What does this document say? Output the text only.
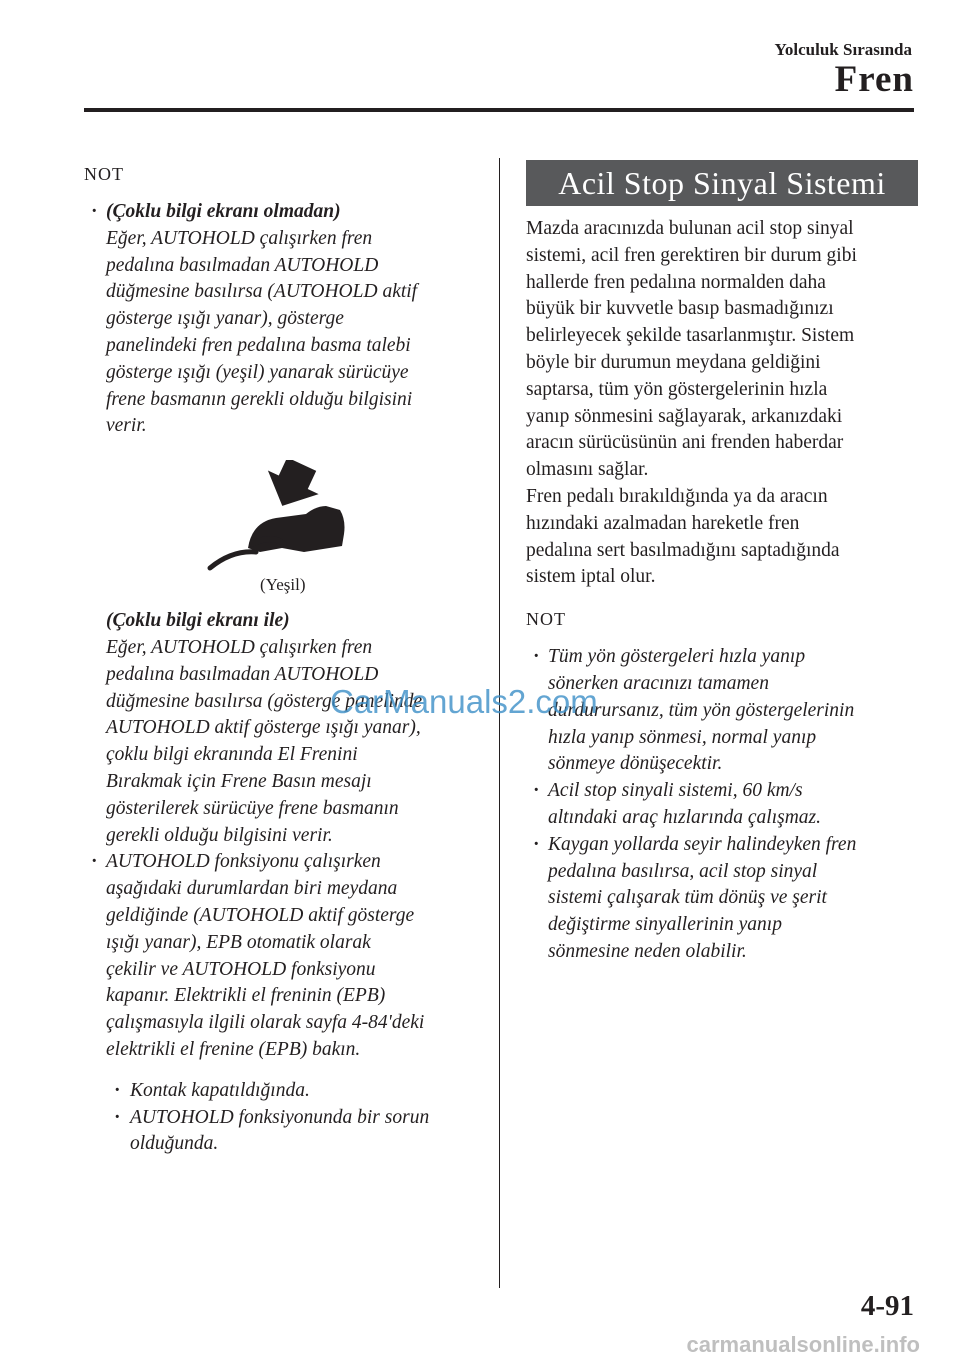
Yolculuk Sırasında
Fren
NOT

· (Çoklu bilgi ekranı olmadan)

Eğer, AUTOHOLD çalışırken fren

pedalına basılmadan AUTOHOLD

düğmesine basılırsa (AUTOHOLD aktif

gösterge ışığı yanar), gösterge

panelindeki fren pedalına basma talebi

gösterge ışığı (yeşil) yanarak sürücüye

frene basmanın gerekli olduğu bilgisini

verir.

(Yeşil)

(Çoklu bilgi ekranı ile)

Eğer, AUTOHOLD çalışırken fren

pedalına basılmadan AUTOHOLD

düğmesine basılırsa (gösterge panelinde

AUTOHOLD aktif gösterge ışığı yanar),

çoklu bilgi ekranında El Frenini

Bırakmak için Frene Basın mesajı

gösterilerek sürücüye frene basmanın

gerekli olduğu bilgisini verir.

· AUTOHOLD fonksiyonu çalışırken

aşağıdaki durumlardan biri meydana

geldiğinde (AUTOHOLD aktif gösterge

ışığı yanar), EPB otomatik olarak

çekilir ve AUTOHOLD fonksiyonu

kapanır. Elektrikli el freninin (EPB)

çalışmasıyla ilgili olarak sayfa 4-84'deki

elektrikli el frenine (EPB) bakın.

· Kontak kapatıldığında.

· AUTOHOLD fonksiyonunda bir sorun

olduğunda.

Acil Stop Sinyal Sistemi

Mazda aracınızda bulunan acil stop sinyal

sistemi, acil fren gerektiren bir durum gibi

hallerde fren pedalına normalden daha

büyük bir kuvvetle basıp basmadığınızı

belirleyecek şekilde tasarlanmıştır. Sistem

böyle bir durumun meydana geldiğini

saptarsa, tüm yön göstergelerinin hızla

yanıp sönmesini sağlayarak, arkanızdaki

aracın sürücüsünün ani frenden haberdar

olmasını sağlar.

Fren pedalı bırakıldığında ya da aracın

hızındaki azalmadan hareketle fren

pedalına sert basılmadığını saptadığında

sistem iptal olur.

NOT

· Tüm yön göstergeleri hızla yanıp

sönerken aracınızı tamamen

durdurursanız, tüm yön göstergelerinin

hızla yanıp sönmesi, normal yanıp

sönmeye dönüşecektir.

· Acil stop sinyali sistemi, 60 km/s

altındaki araç hızlarında çalışmaz.

· Kaygan yollarda seyir halindeyken fren

pedalına basılırsa, acil stop sinyal

sistemi çalışarak tüm dönüş ve şerit

değiştirme sinyallerinin yanıp

sönmesine neden olabilir.

CarManuals2.com
4-91
carmanualsonline.info
